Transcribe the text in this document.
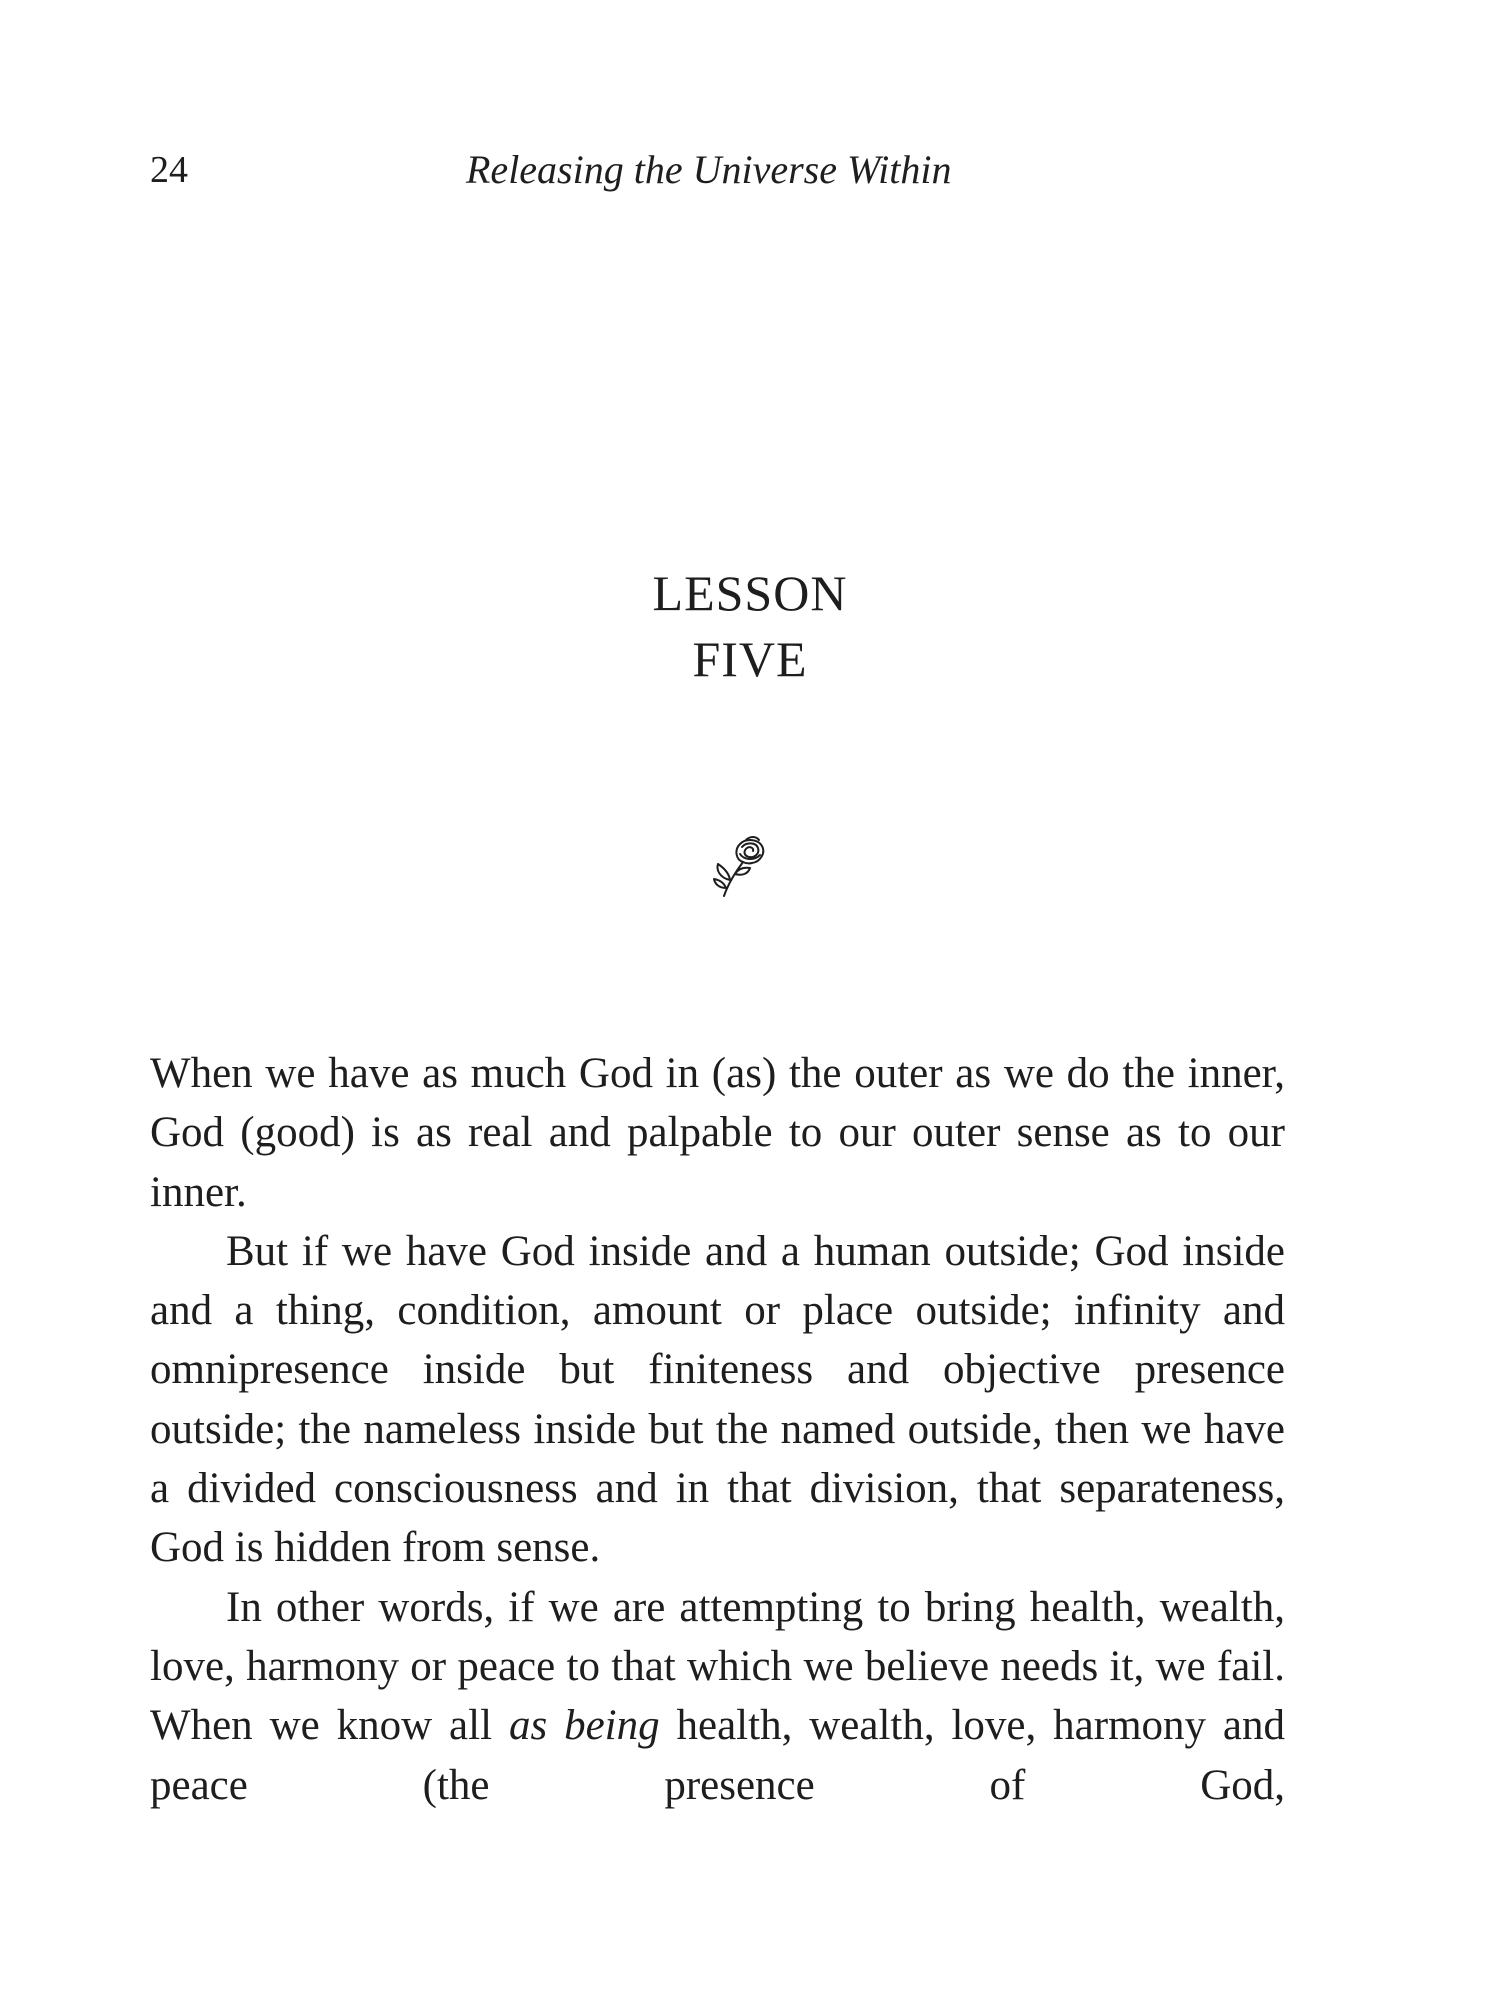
24	Releasing the Universe Within
LESSON
FIVE

When we have as much God in (as) the outer as we do the inner, God (good) is as real and palpable to our outer sense as to our inner.

But if we have God inside and a human outside; God inside and a thing, condition, amount or place outside; infinity and omnipresence inside but finiteness and objective presence outside; the nameless inside but the named outside, then we have a divided consciousness and in that division, that separateness, God is hidden from sense.

In other words, if we are attempting to bring health, wealth, love, harmony or peace to that which we believe needs it, we fail. When we know all as being health, wealth, love, harmony and peace (the presence of God,
